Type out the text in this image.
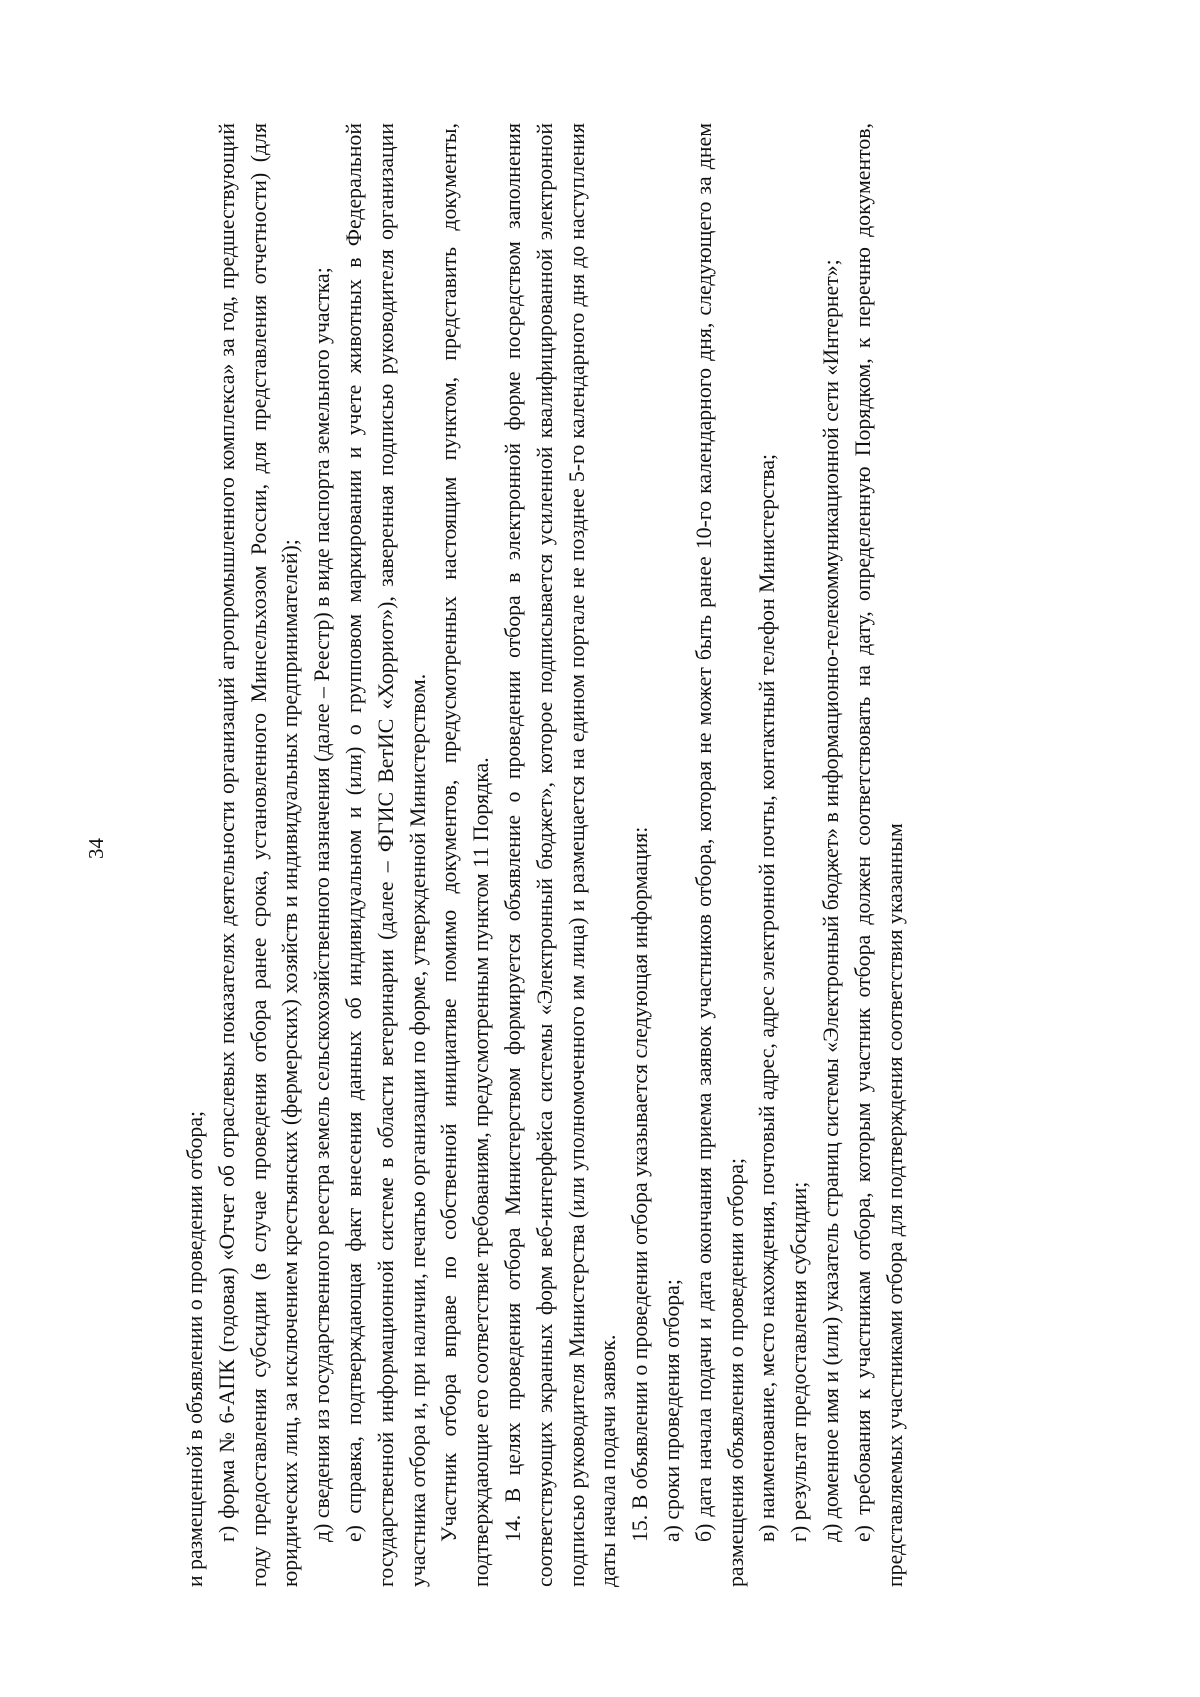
34

и размещенной в объявлении о проведении отбора; г) форма № 6-АПК (годовая) «Отчет об отраслевых показателях деятельности организаций агропромышленного комплекса» за год, предшествующий году предоставления субсидии (в случае проведения отбора ранее срока, установленного Минсельхозом России, для представления отчетности) (для юридических лиц, за исключением крестьянских (фермерских) хозяйств и индивидуальных предпринимателей); д) сведения из государственного реестра земель сельскохозяйственного назначения (далее – Реестр) в виде паспорта земельного участка; е) справка, подтверждающая факт внесения данных об индивидуальном и (или) о групповом маркировании и учете животных в Федеральной государственной информационной системе в области ветеринарии (далее – ФГИС ВетИС «Хорриот»), заверенная подписью руководителя организации участника отбора и, при наличии, печатью организации по форме, утвержденной Министерством. Участник отбора вправе по собственной инициативе помимо документов, предусмотренных настоящим пунктом, представить документы, подтверждающие его соответствие требованиям, предусмотренным пунктом 11 Порядка. 14. В целях проведения отбора Министерством формируется объявление о проведении отбора в электронной форме посредством заполнения соответствующих экранных форм веб-интерфейса системы «Электронный бюджет», которое подписывается усиленной квалифицированной электронной подписью руководителя Министерства (или уполномоченного им лица) и размещается на едином портале не позднее 5-го календарного дня до наступления даты начала подачи заявок. 15. В объявлении о проведении отбора указывается следующая информация: а) сроки проведения отбора; б) дата начала подачи и дата окончания приема заявок участников отбора, которая не может быть ранее 10-го календарного дня, следующего за днем размещения объявления о проведении отбора; в) наименование, место нахождения, почтовый адрес, адрес электронной почты, контактный телефон Министерства; г) результат предоставления субсидии; д) доменное имя и (или) указатель страниц системы «Электронный бюджет» в информационно-телекоммуникационной сети «Интернет»; е) требования к участникам отбора, которым участник отбора должен соответствовать на дату, определенную Порядком, к перечню документов, представляемых участниками отбора для подтверждения соответствия указанным
